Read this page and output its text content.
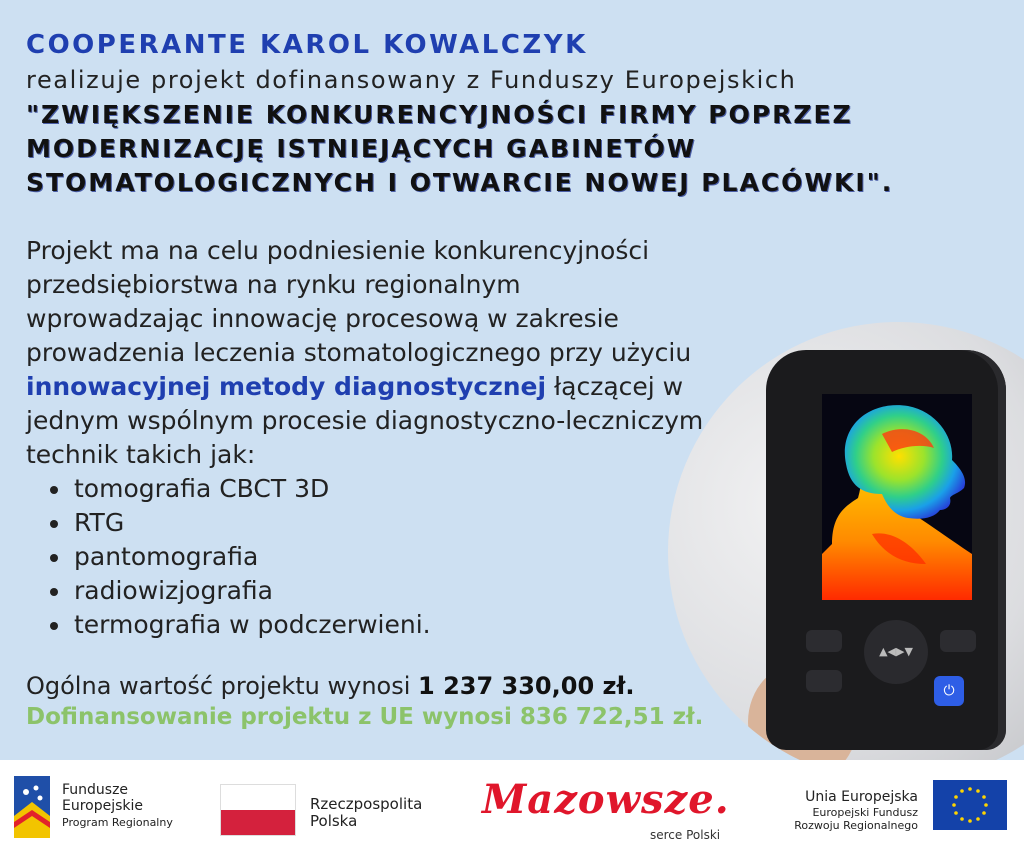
COOPERANTE KAROL KOWALCZYK
realizuje projekt dofinansowany z Funduszy Europejskich
"ZWIĘKSZENIE KONKURENCYJNOŚCI FIRMY POPRZEZ MODERNIZACJĘ ISTNIEJĄCYCH GABINETÓW STOMATOLOGICZNYCH I OTWARCIE NOWEJ PLACÓWKI".
Projekt ma na celu podniesienie konkurencyjności przedsiębiorstwa na rynku regionalnym wprowadzając innowację procesową w zakresie prowadzenia leczenia stomatologicznego przy użyciu innowacyjnej metody diagnostycznej łączącej w jednym wspólnym procesie diagnostyczno-leczniczym technik takich jak:
• tomografia CBCT 3D
• RTG
• pantomografia
• radiowizjografia
• termografia w podczerwieni.
Ogólna wartość projektu wynosi 1 237 330,00 zł.
Dofinansowanie projektu z UE wynosi 836 722,51 zł.
▲◀▶▼
⏻
Fundusze
Europejskie
Program Regionalny
Rzeczpospolita
Polska	Mazowsze.
serce Polski
Unia Europejska
Europejski Fundusz
Rozwoju Regionalnego
